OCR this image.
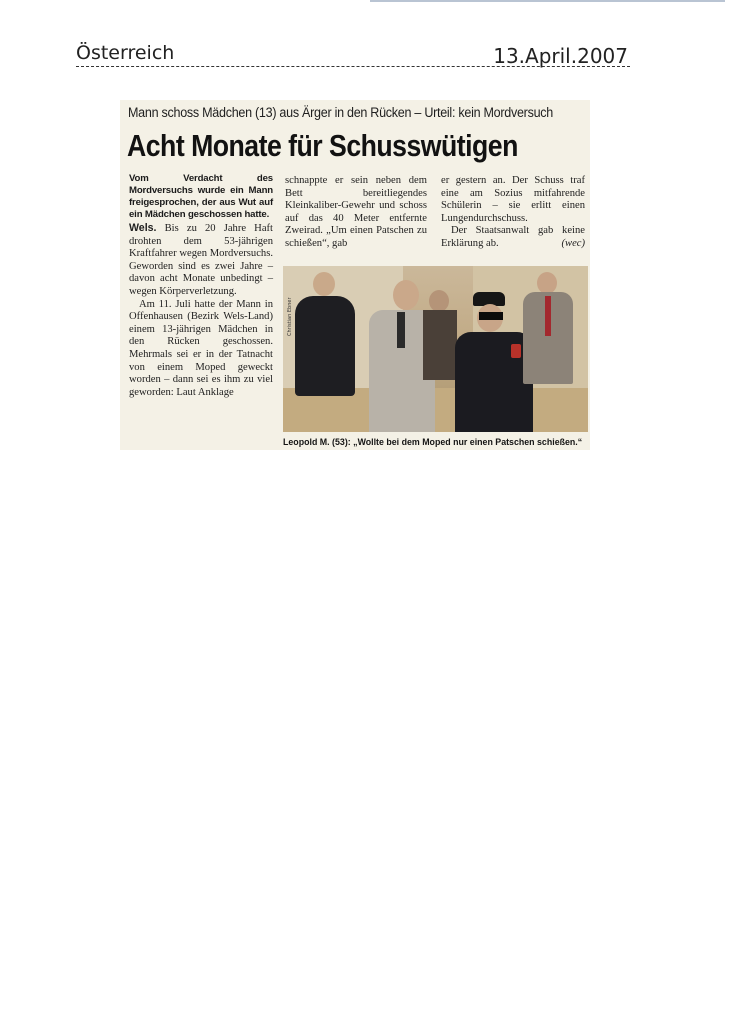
Österreich	13.April.2007
Mann schoss Mädchen (13) aus Ärger in den Rücken – Urteil: kein Mordversuch
Acht Monate für Schusswütigen
Vom Verdacht des Mordversuchs wurde ein Mann freigesprochen, der aus Wut auf ein Mädchen geschossen hatte.

Wels. Bis zu 20 Jahre Haft drohten dem 53-jährigen Kraftfahrer wegen Mordversuchs. Geworden sind es zwei Jahre – davon acht Monate unbedingt – wegen Körperverletzung.

Am 11. Juli hatte der Mann in Offenhausen (Bezirk Wels-Land) einem 13-jährigen Mädchen in den Rücken geschossen. Mehrmals sei er in der Tatnacht von einem Moped geweckt worden – dann sei es ihm zu viel geworden: Laut Anklage

schnappte er sein neben dem Bett bereitliegendes Kleinkaliber-Gewehr und schoss auf das 40 Meter entfernte Zweirad. „Um einen Patschen zu schießen“, gab

er gestern an. Der Schuss traf eine am Sozius mitfahrende Schülerin – sie erlitt einen Lungendurchschuss.

Der Staatsanwalt gab keine Erklärung ab.	(wec)

Christian Ebner
Leopold M. (53): „Wollte bei dem Moped nur einen Patschen schießen.“
